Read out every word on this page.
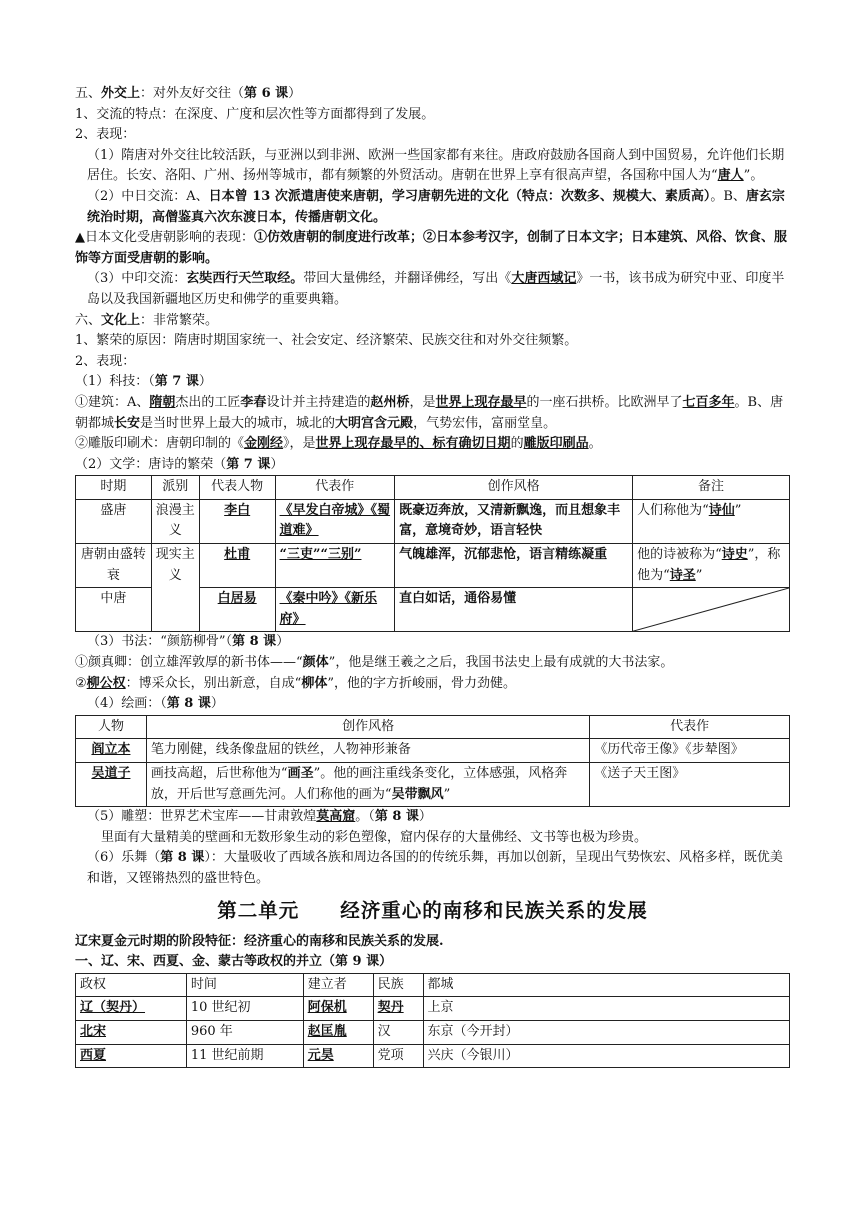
五、外交上：对外友好交往（第 6 课）
1、交流的特点：在深度、广度和层次性等方面都得到了发展。
2、表现：
（1）隋唐对外交往比较活跃，与亚洲以到非洲、欧洲一些国家都有来往。唐政府鼓励各国商人到中国贸易，允许他们长期居住。长安、洛阳、广州、扬州等城市，都有频繁的外贸活动。唐朝在世界上享有很高声望，各国称中国人为“唐人”。
（2）中日交流：A、日本曾 13 次派遣唐使来唐朝，学习唐朝先进的文化（特点：次数多、规模大、素质高）。B、唐玄宗统治时期，高僧鉴真六次东渡日本，传播唐朝文化。
▲日本文化受唐朝影响的表现：①仿效唐朝的制度进行改革；②日本参考汉字，创制了日本文字；日本建筑、风俗、饮食、服饰等方面受唐朝的影响。
（3）中印交流：玄奘西行天竺取经。带回大量佛经，并翻译佛经，写出《大唐西域记》一书，该书成为研究中亚、印度半岛以及我国新疆地区历史和佛学的重要典籍。
六、文化上：非常繁荣。
1、繁荣的原因：隋唐时期国家统一、社会安定、经济繁荣、民族交往和对外交往频繁。
2、表现：
（1）科技：（第 7 课）
①建筑：A、隋朝杰出的工匠李春设计并主持建造的赵州桥，是世界上现存最早的一座石拱桥。比欧洲早了七百多年。B、唐朝都城长安是当时世界上最大的城市，城北的大明宫含元殿，气势宏伟，富丽堂皇。
②雕版印刷术：唐朝印制的《金刚经》，是世界上现存最早的、标有确切日期的雕版印刷品。
（2）文学：唐诗的繁荣（第 7 课）
时期	派别	代表人物	代表作	创作风格	备注
盛唐	浪漫主义	李白	《早发白帝城》《蜀道难》	既豪迈奔放，又清新飘逸，而且想象丰富，意境奇妙，语言轻快	人们称他为“诗仙”
唐朝由盛转衰	现实主义	杜甫	“三吏”“三别”	气魄雄浑，沉郁悲怆，语言精练凝重	他的诗被称为“诗史”，称他为“诗圣”
中唐		白居易	《秦中吟》《新乐府》	直白如话，通俗易懂	
（3）书法：“颜筋柳骨”（第 8 课）
①颜真卿：创立雄浑敦厚的新书体——“颜体”，他是继王羲之之后，我国书法史上最有成就的大书法家。
②柳公权：博采众长，别出新意，自成“柳体”，他的字方折峻丽，骨力劲健。
（4）绘画：（第 8 课）
人物	创作风格	代表作
阎立本	笔力刚健，线条像盘屈的铁丝，人物神形兼备	《历代帝王像》《步辇图》
吴道子	画技高超，后世称他为“画圣”。他的画注重线条变化，立体感强，风格奔放，开后世写意画先河。人们称他的画为“吴带飘风”	《送子天王图》
（5）雕塑：世界艺术宝库——甘肃敦煌莫高窟。（第 8 课）
里面有大量精美的壁画和无数形象生动的彩色塑像，窟内保存的大量佛经、文书等也极为珍贵。
（6）乐舞（第 8 课）：大量吸收了西域各族和周边各国的的传统乐舞，再加以创新，呈现出气势恢宏、风格多样，既优美和谐，又铿锵热烈的盛世特色。
第二单元　　经济重心的南移和民族关系的发展
辽宋夏金元时期的阶段特征：经济重心的南移和民族关系的发展.
一、辽、宋、西夏、金、蒙古等政权的并立（第 9 课）
政权	时间	建立者	民族	都城
辽（契丹）	10 世纪初	阿保机	契丹	上京
北宋	960 年	赵匡胤	汉	东京（今开封）
西夏	11 世纪前期	元昊	党项	兴庆（今银川）
